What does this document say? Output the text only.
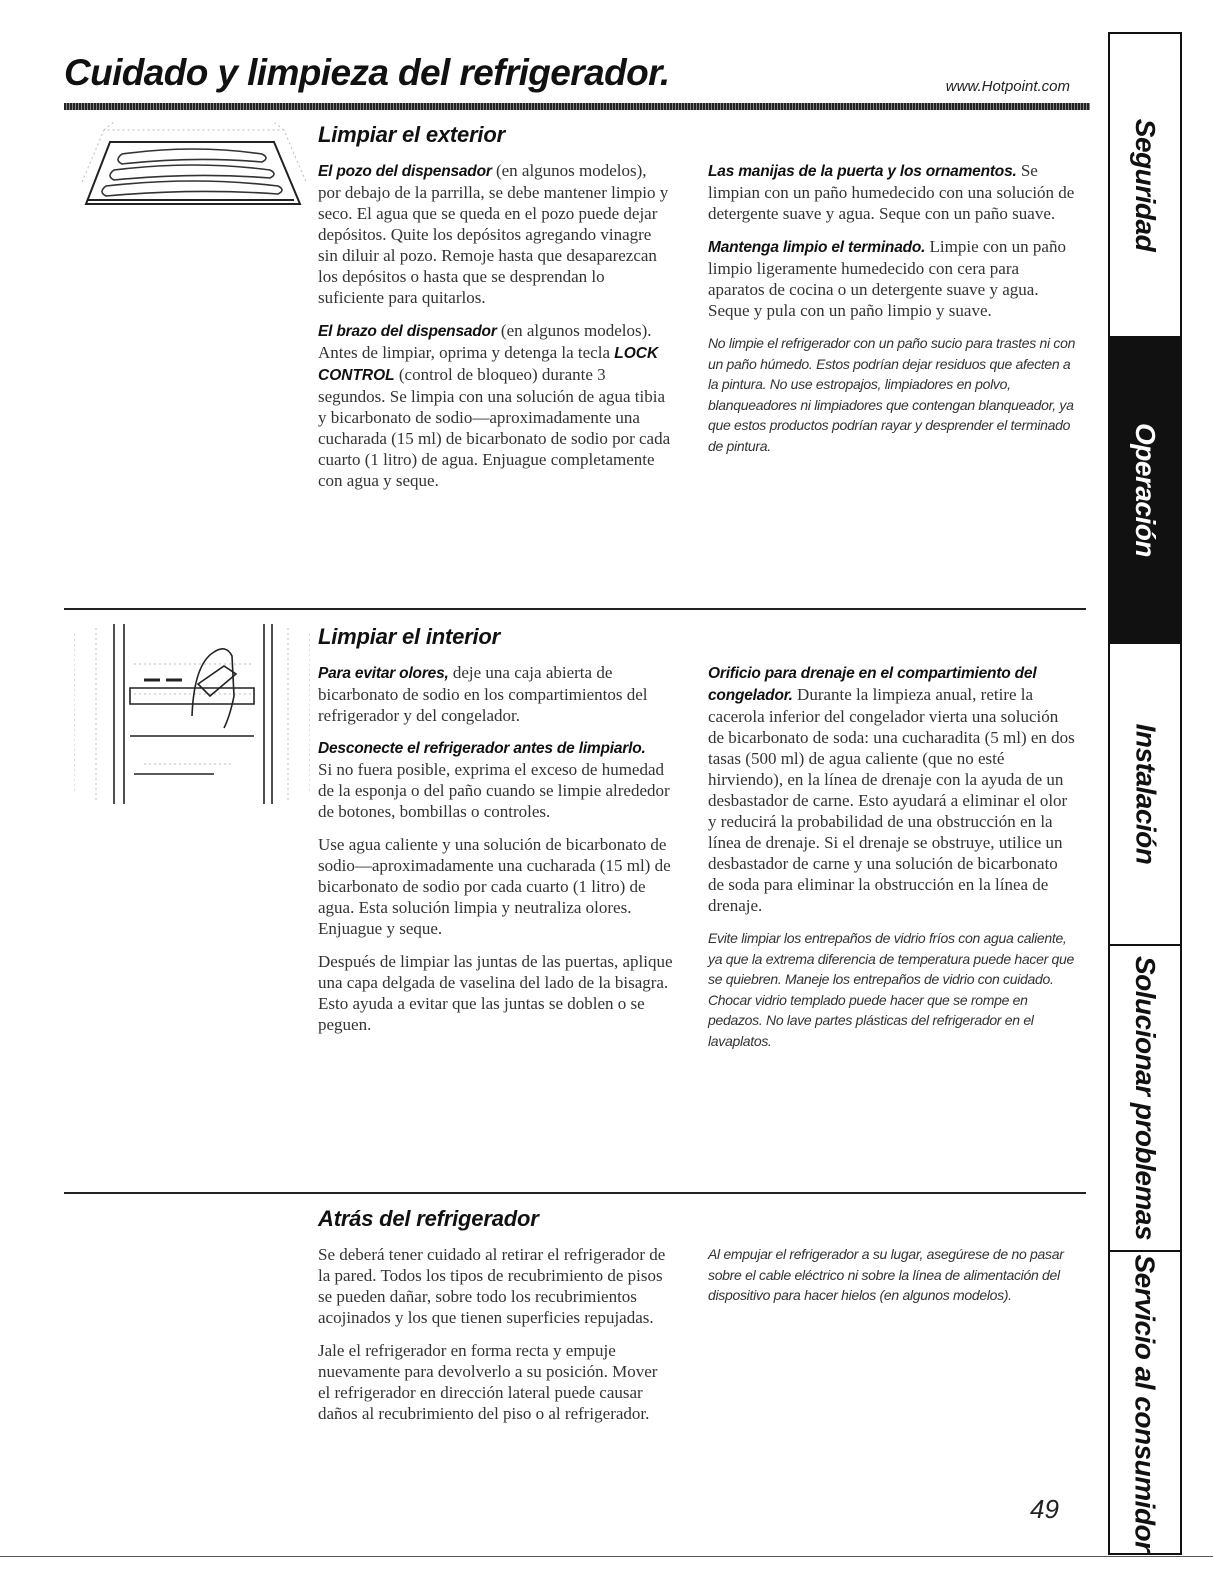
Cuidado y limpieza del refrigerador.	www.Hotpoint.com
Limpiar el exterior

El pozo del dispensador (en algunos modelos), por debajo de la parrilla, se debe mantener limpio y seco. El agua que se queda en el pozo puede dejar depósitos. Quite los depósitos agregando vinagre sin diluir al pozo. Remoje hasta que desaparezcan los depósitos o hasta que se desprendan lo suficiente para quitarlos.

El brazo del dispensador (en algunos modelos). Antes de limpiar, oprima y detenga la tecla LOCK CONTROL (control de bloqueo) durante 3 segundos. Se limpia con una solución de agua tibia y bicarbonato de sodio—aproximadamente una cucharada (15 ml) de bicarbonato de sodio por cada cuarto (1 litro) de agua. Enjuague completamente con agua y seque.

Las manijas de la puerta y los ornamentos. Se limpian con un paño humedecido con una solución de detergente suave y agua. Seque con un paño suave.

Mantenga limpio el terminado. Limpie con un paño limpio ligeramente humedecido con cera para aparatos de cocina o un detergente suave y agua. Seque y pula con un paño limpio y suave.

No limpie el refrigerador con un paño sucio para trastes ni con un paño húmedo. Estos podrían dejar residuos que afecten a la pintura. No use estropajos, limpiadores en polvo, blanqueadores ni limpiadores que contengan blanqueador, ya que estos productos podrían rayar y desprender el terminado de pintura.

Limpiar el interior

Para evitar olores, deje una caja abierta de bicarbonato de sodio en los compartimientos del refrigerador y del congelador.

Desconecte el refrigerador antes de limpiarlo.
Si no fuera posible, exprima el exceso de humedad de la esponja o del paño cuando se limpie alrededor de botones, bombillas o controles.

Use agua caliente y una solución de bicarbonato de sodio—aproximadamente una cucharada (15 ml) de bicarbonato de sodio por cada cuarto (1 litro) de agua. Esta solución limpia y neutraliza olores. Enjuague y seque.

Después de limpiar las juntas de las puertas, aplique una capa delgada de vaselina del lado de la bisagra. Esto ayuda a evitar que las juntas se doblen o se peguen.

Orificio para drenaje en el compartimiento del congelador. Durante la limpieza anual, retire la cacerola inferior del congelador vierta una solución de bicarbonato de soda: una cucharadita (5 ml) en dos tasas (500 ml) de agua caliente (que no esté hirviendo), en la línea de drenaje con la ayuda de un desbastador de carne. Esto ayudará a eliminar el olor y reducirá la probabilidad de una obstrucción en la línea de drenaje. Si el drenaje se obstruye, utilice un desbastador de carne y una solución de bicarbonato de soda para eliminar la obstrucción en la línea de drenaje.

Evite limpiar los entrepaños de vidrio fríos con agua caliente, ya que la extrema diferencia de temperatura puede hacer que se quiebren. Maneje los entrepaños de vidrio con cuidado. Chocar vidrio templado puede hacer que se rompe en pedazos. No lave partes plásticas del refrigerador en el lavaplatos.

Atrás del refrigerador

Se deberá tener cuidado al retirar el refrigerador de la pared. Todos los tipos de recubrimiento de pisos se pueden dañar, sobre todo los recubrimientos acojinados y los que tienen superficies repujadas.

Jale el refrigerador en forma recta y empuje nuevamente para devolverlo a su posición. Mover el refrigerador en dirección lateral puede causar daños al recubrimiento del piso o al refrigerador.

Al empujar el refrigerador a su lugar, asegúrese de no pasar sobre el cable eléctrico ni sobre la línea de alimentación del dispositivo para hacer hielos (en algunos modelos).

Seguridad
Operación
Instalación
Solucionar problemas
Servicio al consumidor
49
